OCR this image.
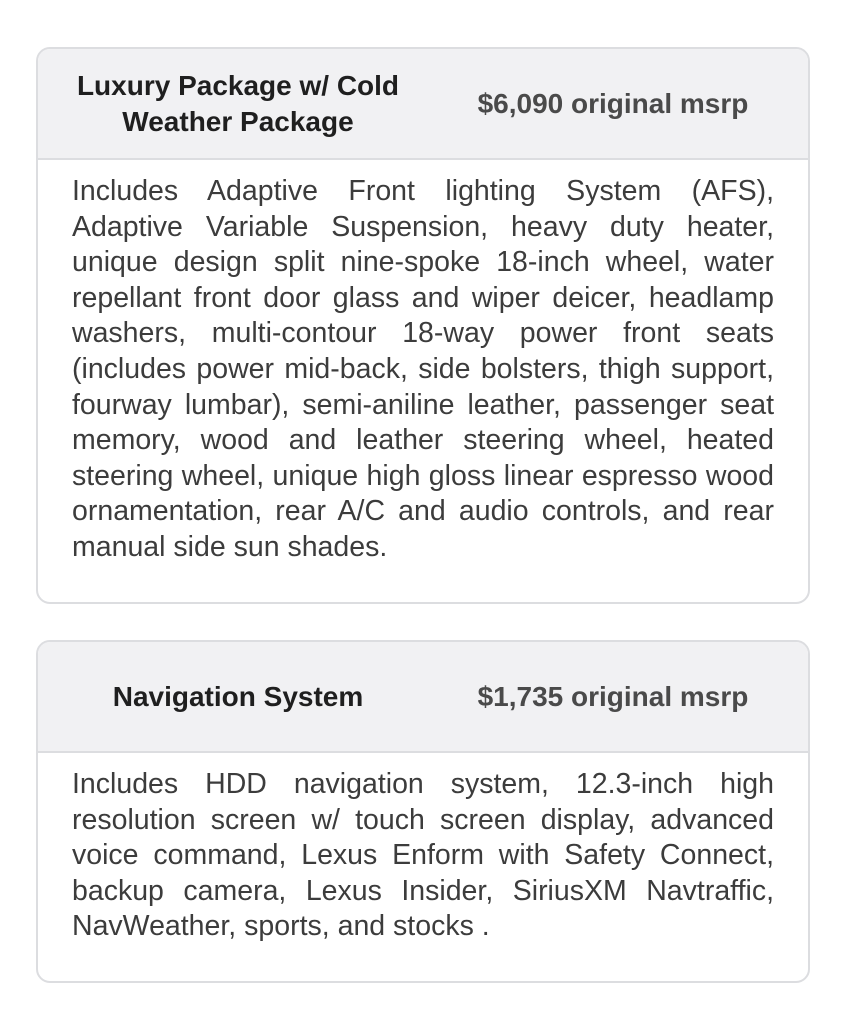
Luxury Package w/ Cold Weather Package
$6,090 original msrp
Includes Adaptive Front lighting System (AFS), Adaptive Variable Suspension, heavy duty heater, unique design split nine-spoke 18-inch wheel, water repellant front door glass and wiper deicer, headlamp washers, multi-contour 18-way power front seats (includes power mid-back, side bolsters, thigh support, fourway lumbar), semi-aniline leather, passenger seat memory, wood and leather steering wheel, heated steering wheel, unique high gloss linear espresso wood ornamentation, rear A/C and audio controls, and rear manual side sun shades.
Navigation System	$1,735 original msrp
Includes HDD navigation system, 12.3-inch high resolution screen w/ touch screen display, advanced voice command, Lexus Enform with Safety Connect, backup camera, Lexus Insider, SiriusXM Navtraffic, NavWeather, sports, and stocks .
